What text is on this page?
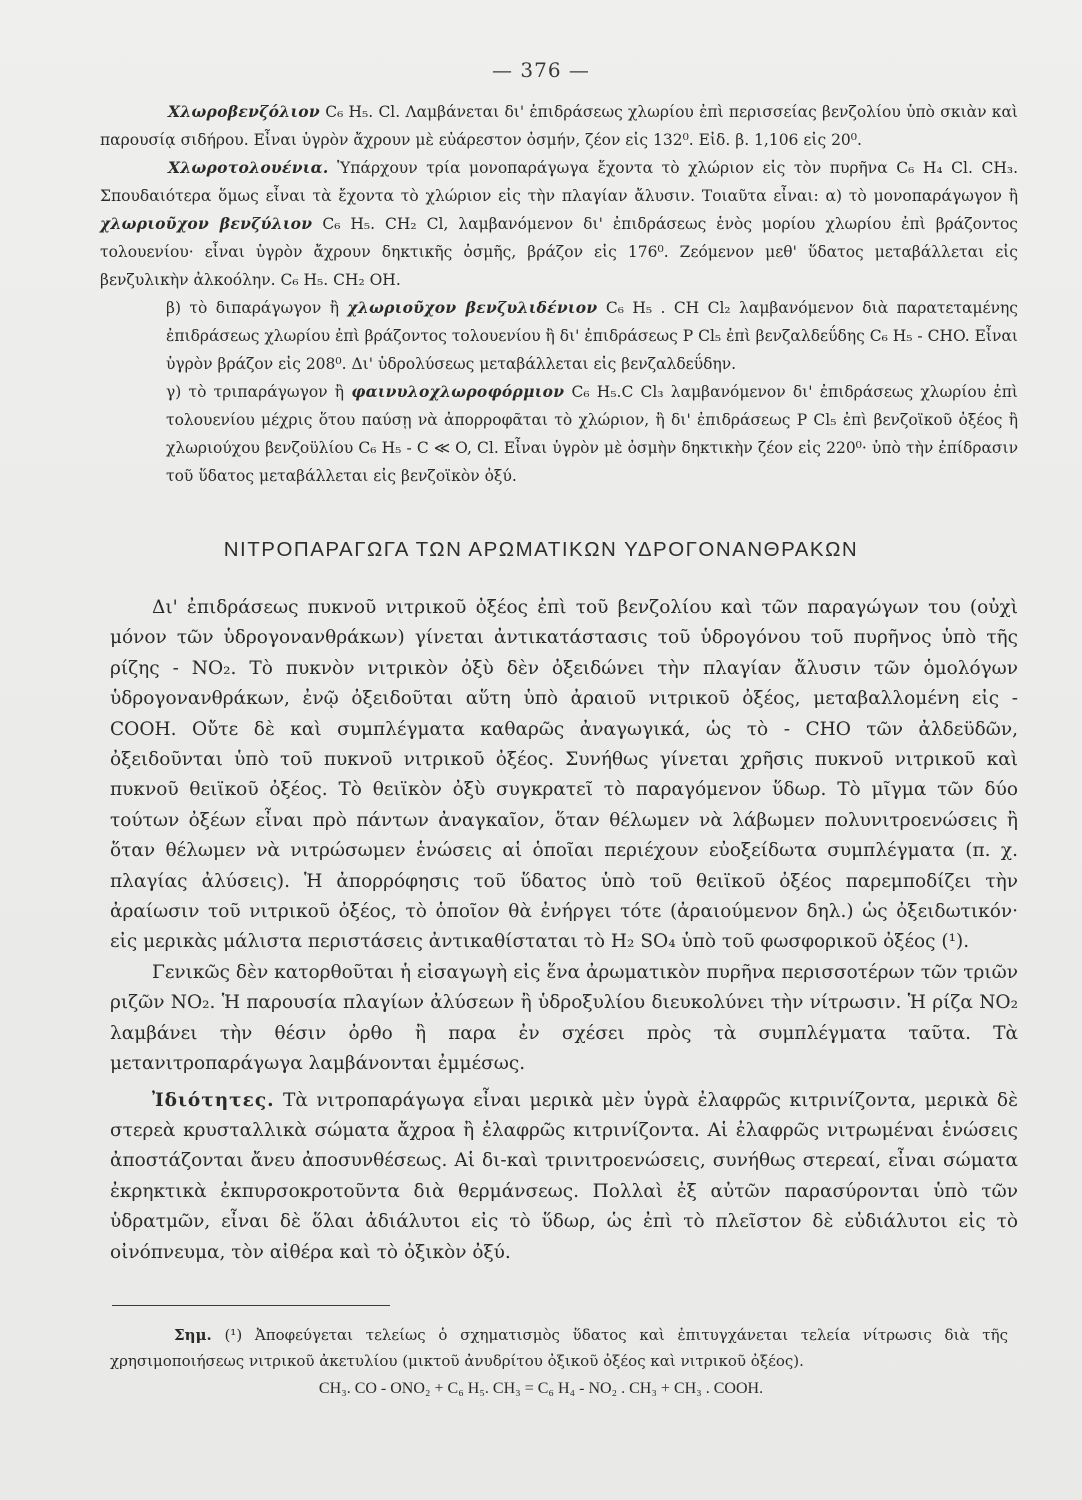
— 376 —

Χλωροβενζόλιον C₆ H₅. Cl. Λαμβάνεται δι' ἐπιδράσεως χλωρίου ἐπὶ περισσείας βενζολίου ὑπὸ σκιὰν καὶ παρουσίᾳ σιδήρου. Εἶναι ὑγρὸν ἄχρουν μὲ εὐάρεστον ὀσμήν, ζέον εἰς 132⁰. Εἰδ. β. 1,106 εἰς 20⁰.

Χλωροτολουένια. Ὑπάρχουν τρία μονοπαράγωγα ἔχοντα τὸ χλώριον εἰς τὸν πυρῆνα C₆ H₄ Cl. CH₃. Σπουδαιότερα ὅμως εἶναι τὰ ἔχοντα τὸ χλώριον εἰς τὴν πλαγίαν ἄλυσιν. Τοιαῦτα εἶναι: α) τὸ μονοπαράγωγον ἢ χλωριοῦχον βενζύλιον C₆ H₅. CH₂ Cl, λαμβανόμενον δι' ἐπιδράσεως ἑνὸς μορίου χλωρίου ἐπὶ βράζοντος τολουενίου· εἶναι ὑγρὸν ἄχρουν δηκτικῆς ὀσμῆς, βράζον εἰς 176⁰. Ζεόμενον μεθ' ὕδατος μεταβάλλεται εἰς βενζυλικὴν ἀλκοόλην. C₆ H₅. CH₂ OH.

β) τὸ διπαράγωγον ἢ χλωριοῦχον βενζυλιδένιον C₆ H₅ . CH Cl₂ λαμβανόμενον διὰ παρατεταμένης ἐπιδράσεως χλωρίου ἐπὶ βράζοντος τολουενίου ἢ δι' ἐπιδράσεως P Cl₅ ἐπὶ βενζαλδεΰδης C₆ H₅ - CHO. Εἶναι ὑγρὸν βράζον εἰς 208⁰. Δι' ὑδρολύσεως μεταβάλλεται εἰς βενζαλδεΰδην.

γ) τὸ τριπαράγωγον ἢ φαινυλοχλωροφόρμιον C₆ H₅.C Cl₃ λαμβανόμενον δι' ἐπιδράσεως χλωρίου ἐπὶ τολουενίου μέχρις ὅτου παύσῃ νὰ ἀπορροφᾶται τὸ χλώριον, ἢ δι' ἐπιδράσεως P Cl₅ ἐπὶ βενζοϊκοῦ ὀξέος ἢ χλωριούχου βενζοϋλίου C₆ H₅ - C ≪ O, Cl. Εἶναι ὑγρὸν μὲ ὀσμὴν δηκτικὴν ζέον εἰς 220⁰· ὑπὸ τὴν ἐπίδρασιν τοῦ ὕδατος μεταβάλλεται εἰς βενζοϊκὸν ὀξύ.

ΝΙΤΡΟΠΑΡΑΓΩΓΑ ΤΩΝ ΑΡΩΜΑΤΙΚΩΝ ΥΔΡΟΓΟΝΑΝΘΡΑΚΩΝ

Δι' ἐπιδράσεως πυκνοῦ νιτρικοῦ ὀξέος ἐπὶ τοῦ βενζολίου καὶ τῶν παραγώγων του (οὐχὶ μόνον τῶν ὑδρογονανθράκων) γίνεται ἀντικατάστασις τοῦ ὑδρογόνου τοῦ πυρῆνος ὑπὸ τῆς ρίζης - NO₂. Τὸ πυκνὸν νιτρικὸν ὀξὺ δὲν ὀξειδώνει τὴν πλαγίαν ἄλυσιν τῶν ὁμολόγων ὑδρογονανθράκων, ἐνῷ ὀξειδοῦται αὕτη ὑπὸ ἀραιοῦ νιτρικοῦ ὀξέος, μεταβαλλομένη εἰς - COOH. Οὔτε δὲ καὶ συμπλέγματα καθαρῶς ἀναγωγικά, ὡς τὸ - CHO τῶν ἀλδεϋδῶν, ὀξειδοῦνται ὑπὸ τοῦ πυκνοῦ νιτρικοῦ ὀξέος. Συνήθως γίνεται χρῆσις πυκνοῦ νιτρικοῦ καὶ πυκνοῦ θειϊκοῦ ὀξέος. Τὸ θειϊκὸν ὀξὺ συγκρατεῖ τὸ παραγόμενον ὕδωρ. Τὸ μῖγμα τῶν δύο τούτων ὀξέων εἶναι πρὸ πάντων ἀναγκαῖον, ὅταν θέλωμεν νὰ λάβωμεν πολυνιτροενώσεις ἢ ὅταν θέλωμεν νὰ νιτρώσωμεν ἑνώσεις αἱ ὁποῖαι περιέχουν εὐοξείδωτα συμπλέγματα (π. χ. πλαγίας ἀλύσεις). Ἡ ἀπορρόφησις τοῦ ὕδατος ὑπὸ τοῦ θειϊκοῦ ὀξέος παρεμποδίζει τὴν ἀραίωσιν τοῦ νιτρικοῦ ὀξέος, τὸ ὁποῖον θὰ ἐνήργει τότε (ἀραιούμενον δηλ.) ὡς ὀξειδωτικόν· εἰς μερικὰς μάλιστα περιστάσεις ἀντικαθίσταται τὸ H₂ SO₄ ὑπὸ τοῦ φωσφορικοῦ ὀξέος (¹).

Γενικῶς δὲν κατορθοῦται ἡ εἰσαγωγὴ εἰς ἕνα ἀρωματικὸν πυρῆνα περισσοτέρων τῶν τριῶν ριζῶν NO₂. Ἡ παρουσία πλαγίων ἀλύσεων ἢ ὑδροξυλίου διευκολύνει τὴν νίτρωσιν. Ἡ ρίζα NO₂ λαμβάνει τὴν θέσιν ὀρθο ἢ παρα ἐν σχέσει πρὸς τὰ συμπλέγματα ταῦτα. Τὰ μετανιτροπαράγωγα λαμβάνονται ἐμμέσως.

Ἰδιότητες. Τὰ νιτροπαράγωγα εἶναι μερικὰ μὲν ὑγρὰ ἐλαφρῶς κιτρινίζοντα, μερικὰ δὲ στερεὰ κρυσταλλικὰ σώματα ἄχροα ἢ ἐλαφρῶς κιτρινίζοντα. Αἱ ἐλαφρῶς νιτρωμέναι ἑνώσεις ἀποστάζονται ἄνευ ἀποσυνθέσεως. Αἱ δι-καὶ τρινιτροενώσεις, συνήθως στερεαί, εἶναι σώματα ἐκρηκτικὰ ἐκπυρσοκροτοῦντα διὰ θερμάνσεως. Πολλαὶ ἐξ αὐτῶν παρασύρονται ὑπὸ τῶν ὑδρατμῶν, εἶναι δὲ ὅλαι ἀδιάλυτοι εἰς τὸ ὕδωρ, ὡς ἐπὶ τὸ πλεῖστον δὲ εὐδιάλυτοι εἰς τὸ οἰνόπνευμα, τὸν αἰθέρα καὶ τὸ ὀξικὸν ὀξύ.

Σημ. (¹) Ἀποφεύγεται τελείως ὁ σχηματισμὸς ὕδατος καὶ ἐπιτυγχάνεται τελεία νίτρωσις διὰ τῆς χρησιμοποιήσεως νιτρικοῦ ἀκετυλίου (μικτοῦ ἀνυδρίτου ὀξικοῦ ὀξέος καὶ νιτρικοῦ ὀξέος).

CH₃. CO - ONO₂ + C₆ H₅. CH₃ = C₆ H₄ - NO₂ . CH₃ + CH₃ . COOH.
